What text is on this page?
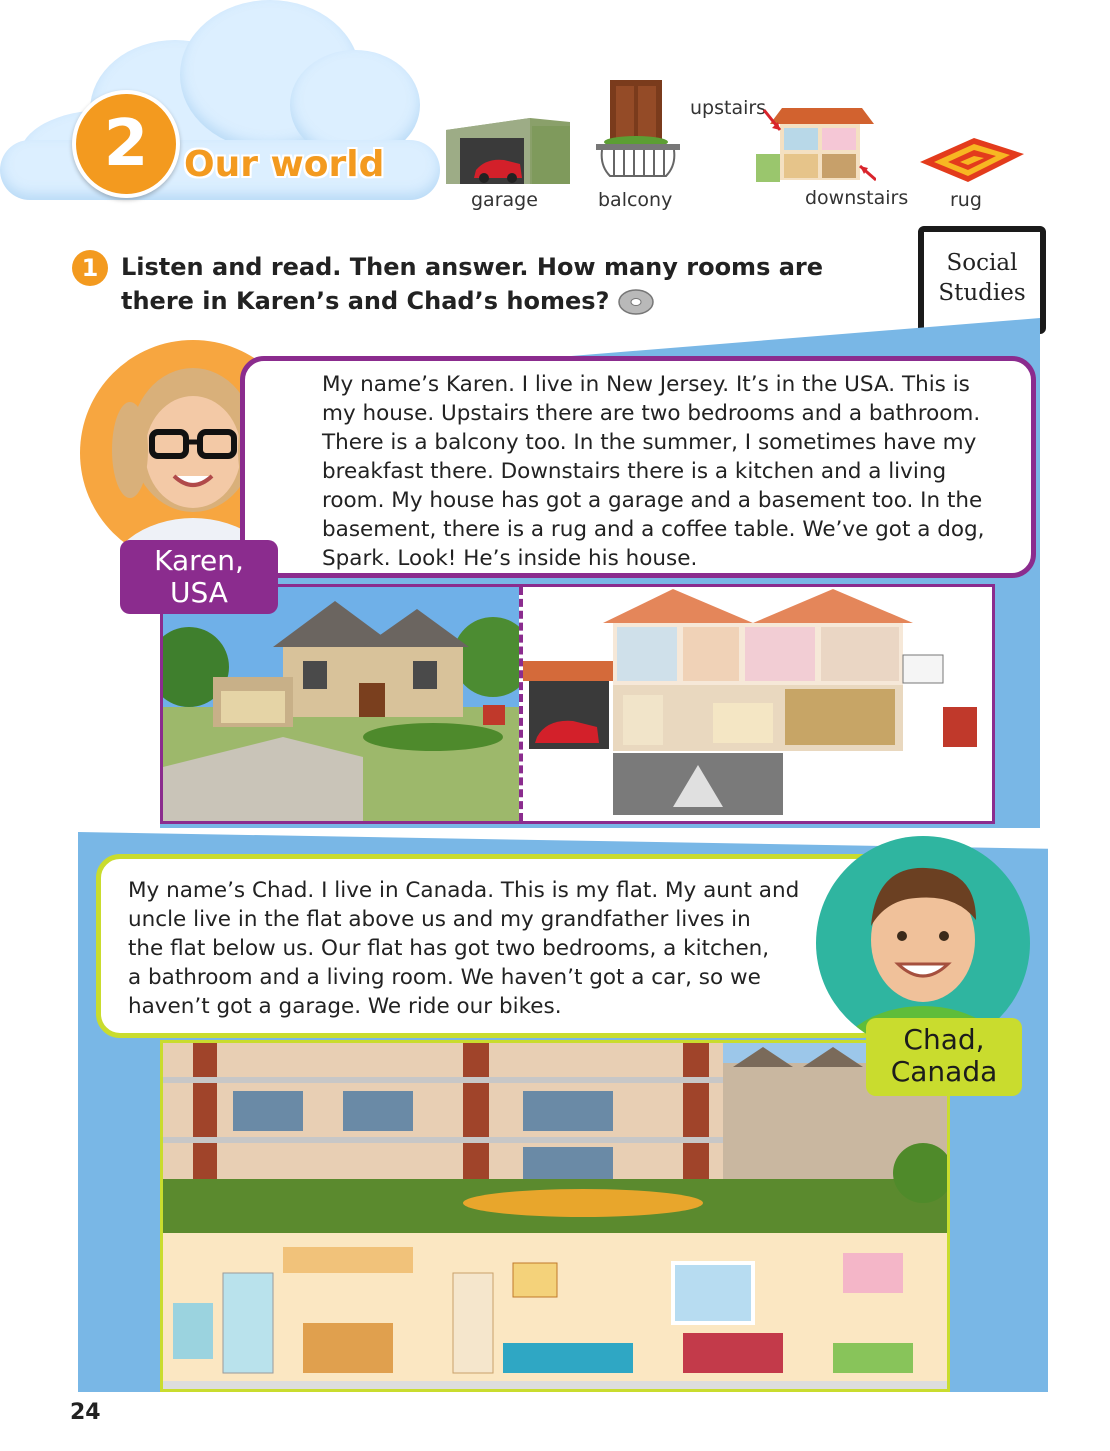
2 Our world
garage	balcony
upstairs
downstairs rug
1 Listen and read. Then answer. How many rooms are there in Karen’s and Chad’s homes?
Social
Studies
My name’s Karen. I live in New Jersey. It’s in the USA. This is
my house. Upstairs there are two bedrooms and a bathroom.
There is a balcony too. In the summer, I sometimes have my
breakfast there. Downstairs there is a kitchen and a living
room. My house has got a garage and a basement too. In the
basement, there is a rug and a coffee table. We’ve got a dog,
Spark. Look! He’s inside his house.
Karen,
USA
My name’s Chad. I live in Canada. This is my flat. My aunt and
uncle live in the flat above us and my grandfather lives in
the flat below us. Our flat has got two bedrooms, a kitchen,
a bathroom and a living room. We haven’t got a car, so we
haven’t got a garage. We ride our bikes.
Chad,
Canada
24
